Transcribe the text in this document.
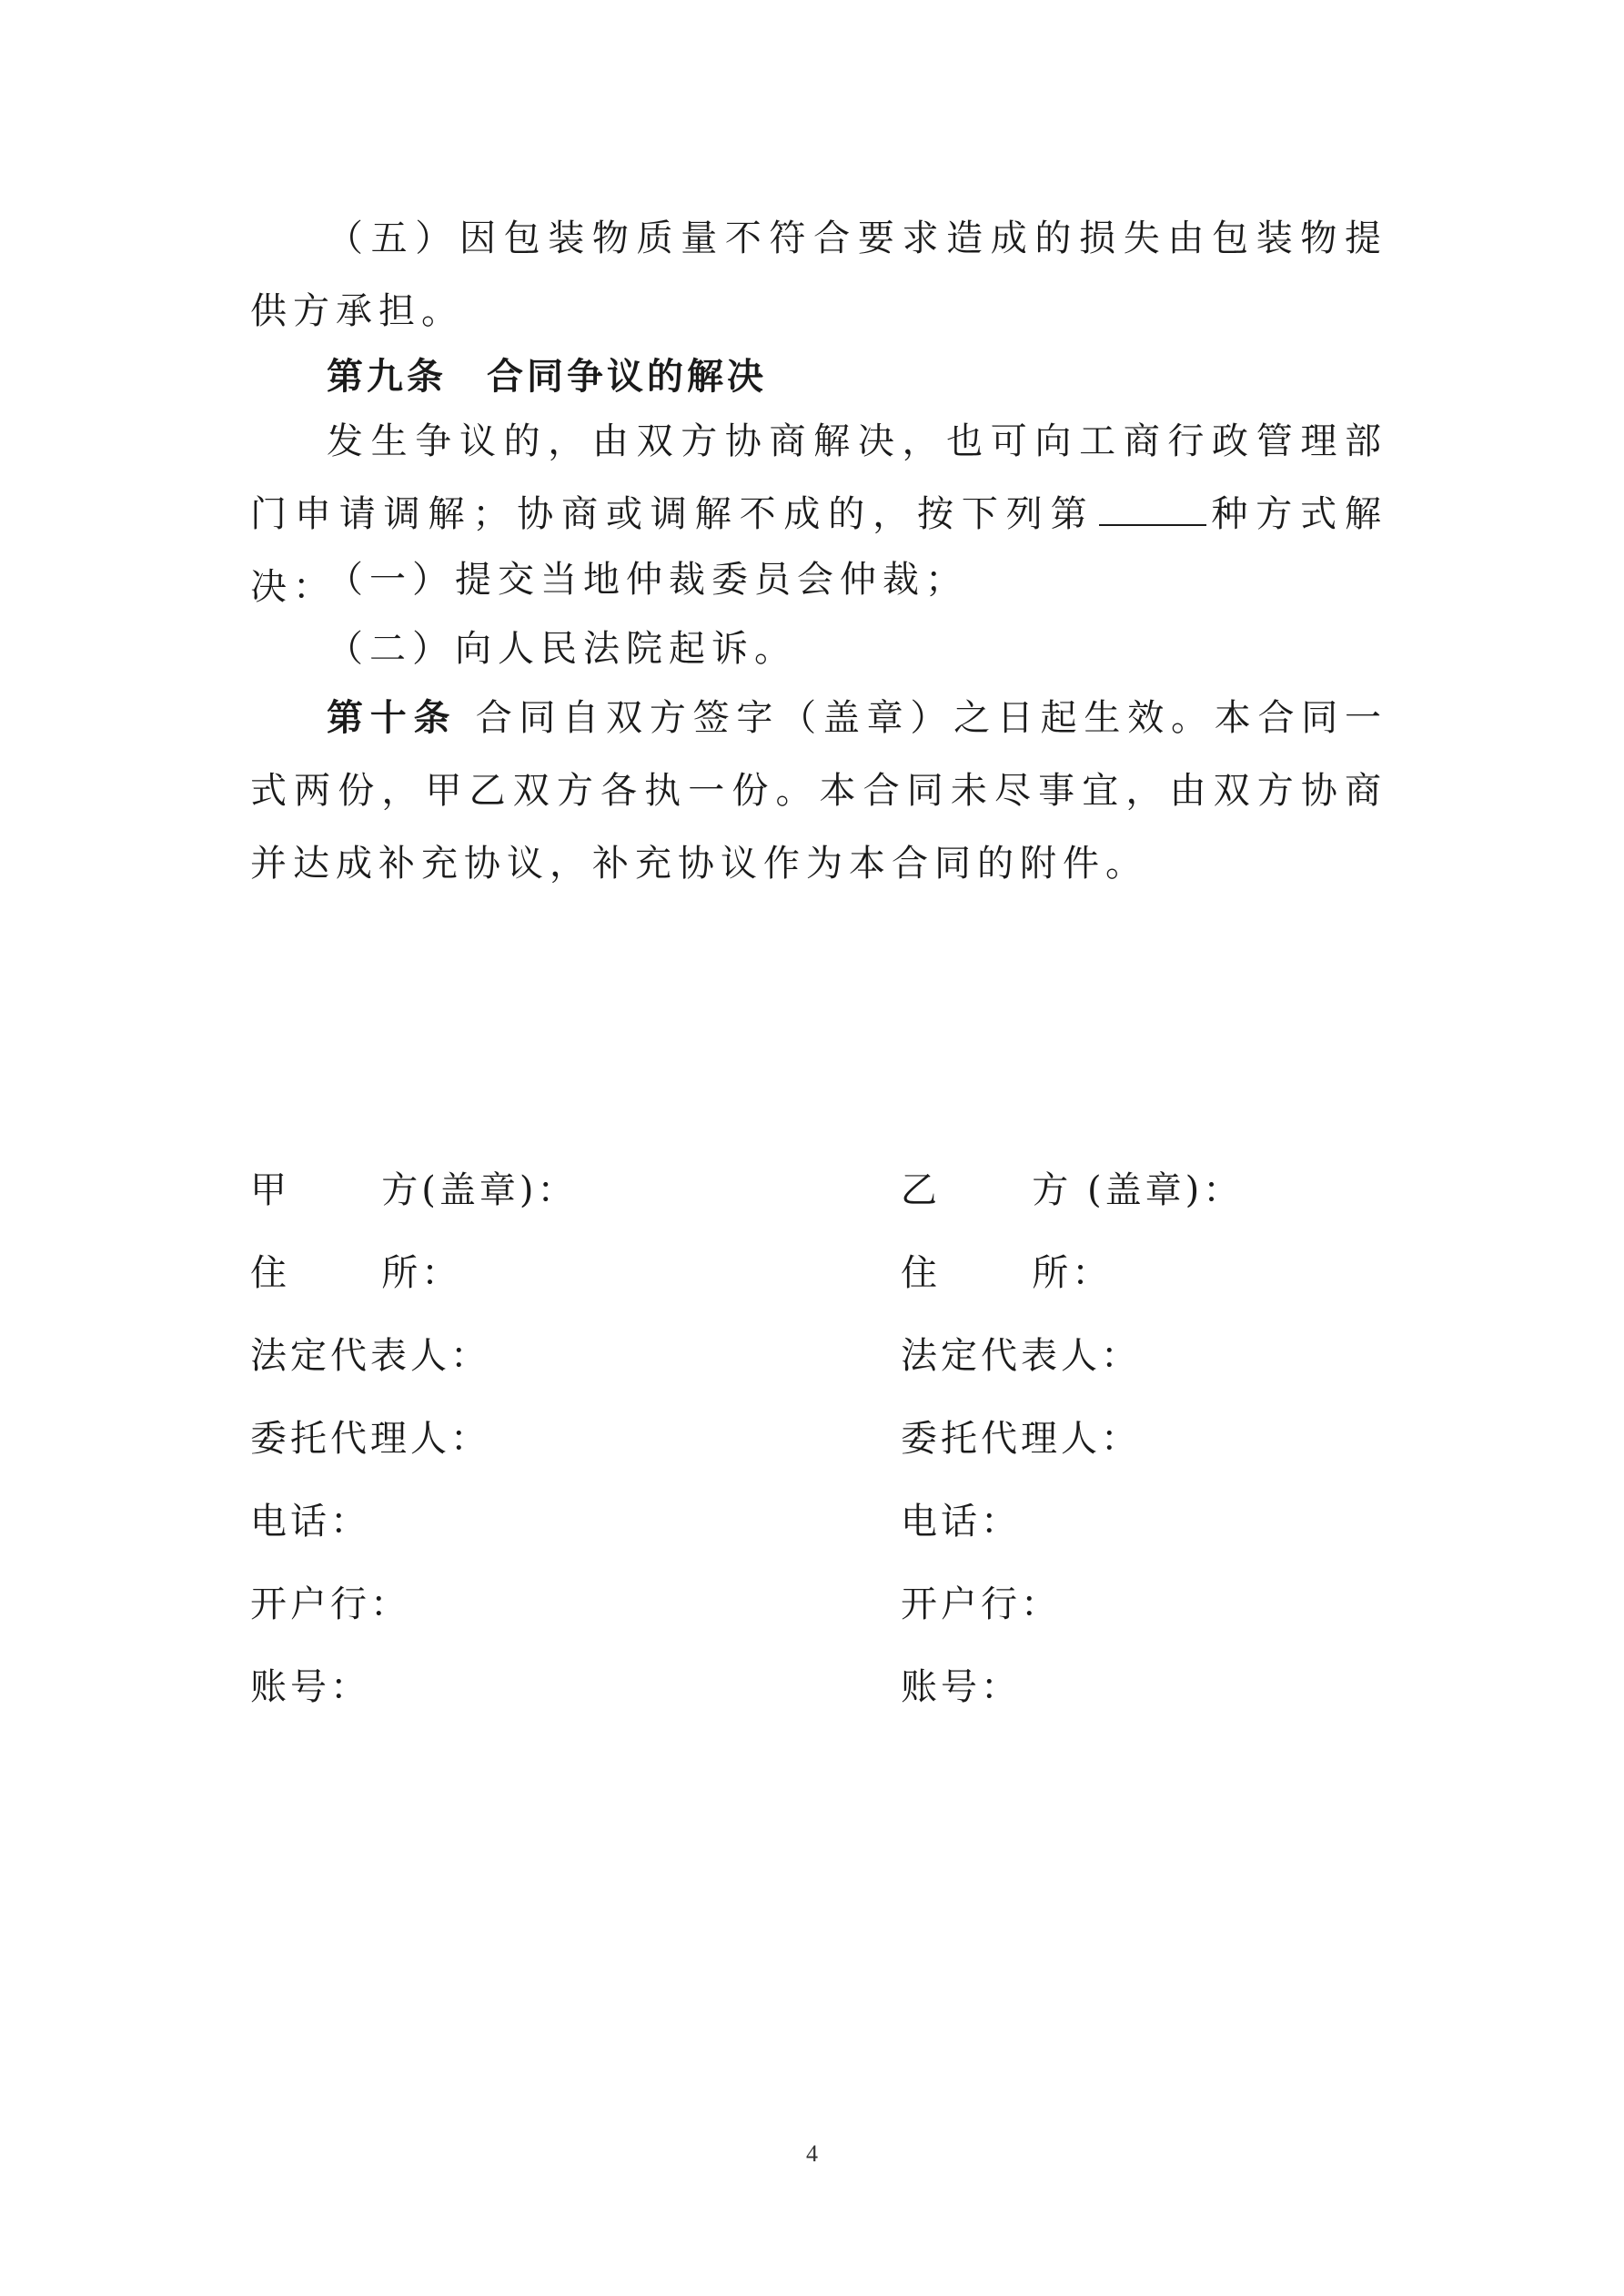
（五）因包装物质量不符合要求造成的损失由包装物提供方承担。

第九条 合同争议的解决

发生争议的，由双方协商解决，也可向工商行政管理部门申请调解；协商或调解不成的，按下列第	种方式解决：

（一）提交当地仲裁委员会仲裁；

（二）向人民法院起诉。

第十条 合同自双方签字（盖章）之日起生效。本合同一式两份，甲乙双方各执一份。本合同未尽事宜，由双方协商并达成补充协议，补充协议作为本合同的附件。

甲      方(盖章)：
住      所：
法定代表人：
委托代理人：
电话：
开户行：
账号：
乙      方 (盖章)：
住      所：
法定代表人：
委托代理人：
电话：
开户行：
账号：
4
